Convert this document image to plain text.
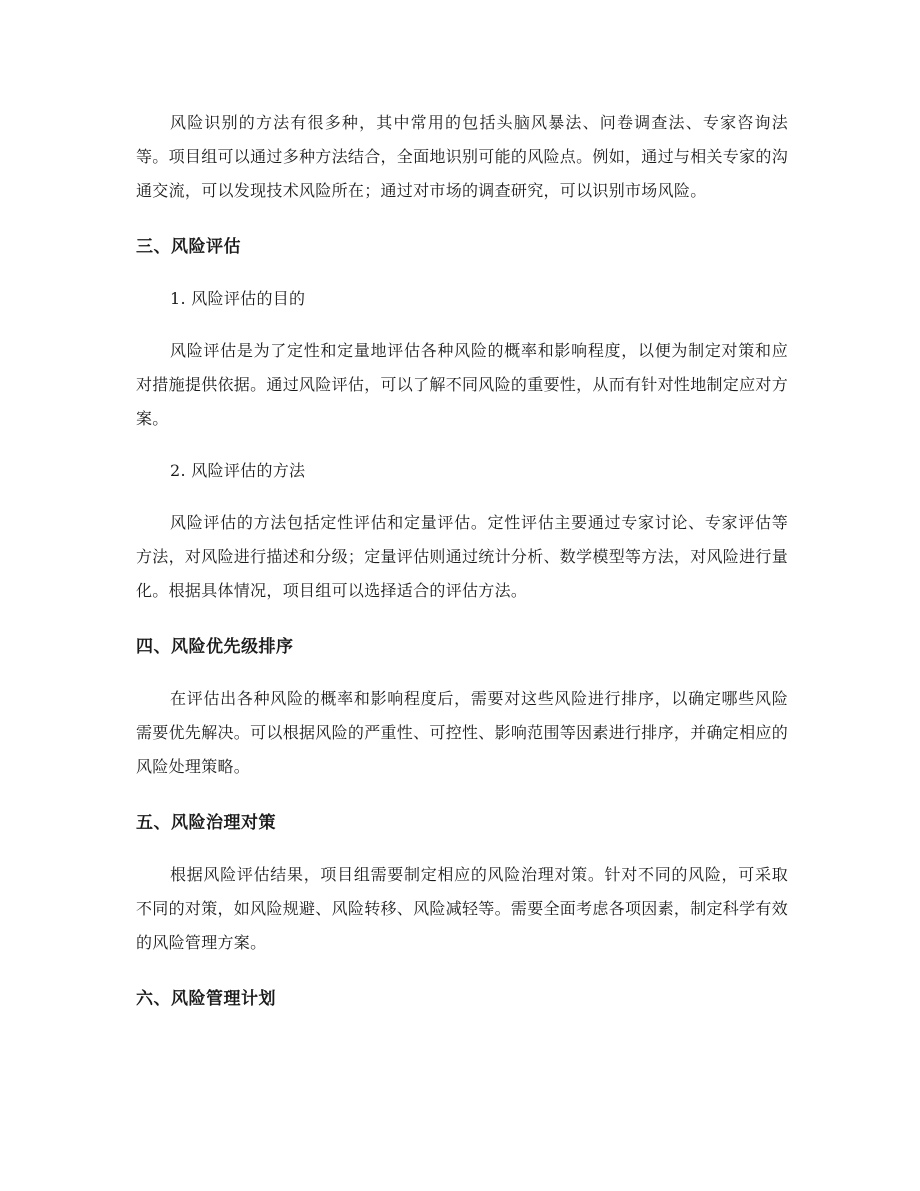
风险识别的方法有很多种，其中常用的包括头脑风暴法、问卷调查法、专家咨询法等。项目组可以通过多种方法结合，全面地识别可能的风险点。例如，通过与相关专家的沟通交流，可以发现技术风险所在；通过对市场的调查研究，可以识别市场风险。

三、风险评估

1. 风险评估的目的

风险评估是为了定性和定量地评估各种风险的概率和影响程度，以便为制定对策和应对措施提供依据。通过风险评估，可以了解不同风险的重要性，从而有针对性地制定应对方案。

2. 风险评估的方法

风险评估的方法包括定性评估和定量评估。定性评估主要通过专家讨论、专家评估等方法，对风险进行描述和分级；定量评估则通过统计分析、数学模型等方法，对风险进行量化。根据具体情况，项目组可以选择适合的评估方法。

四、风险优先级排序

在评估出各种风险的概率和影响程度后，需要对这些风险进行排序，以确定哪些风险需要优先解决。可以根据风险的严重性、可控性、影响范围等因素进行排序，并确定相应的风险处理策略。

五、风险治理对策

根据风险评估结果，项目组需要制定相应的风险治理对策。针对不同的风险，可采取不同的对策，如风险规避、风险转移、风险减轻等。需要全面考虑各项因素，制定科学有效的风险管理方案。

六、风险管理计划
